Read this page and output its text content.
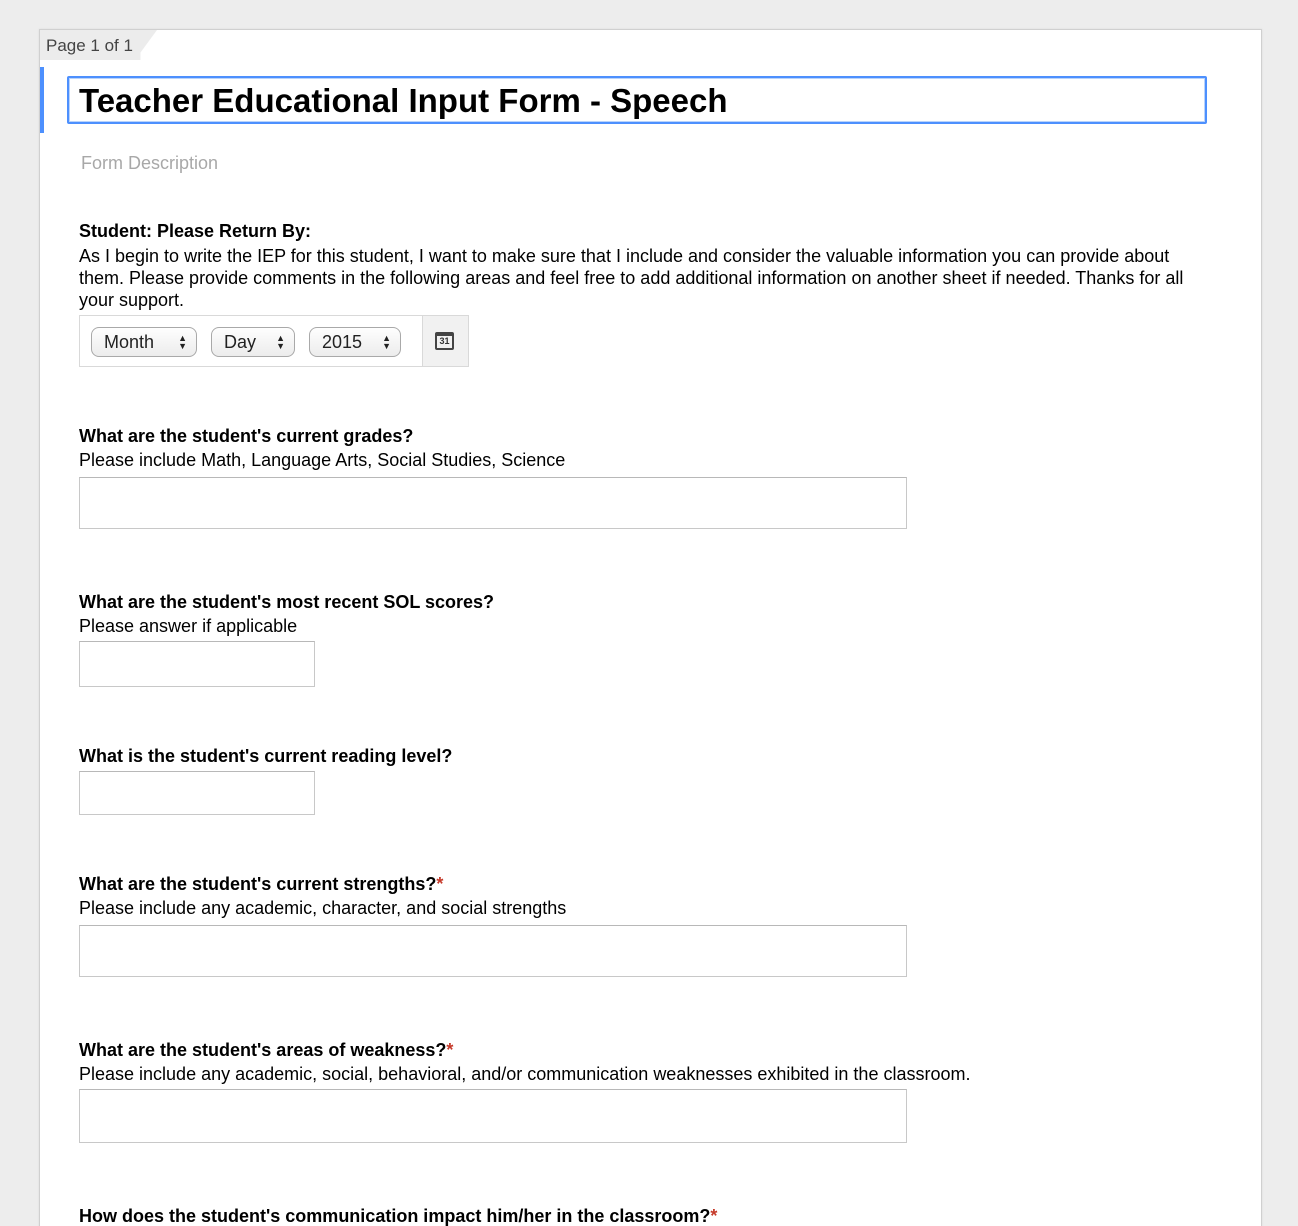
Page 1 of 1
Teacher Educational Input Form - Speech
Form Description
Student: Please Return By:
As I begin to write the IEP for this student, I want to make sure that I include and consider the valuable information you can provide about them. Please provide comments in the following areas and feel free to add additional information on another sheet if needed. Thanks for all your support.
Month	▲
▼	Day ▲
▼	2015 ▲
▼	31
What are the student's current grades?
Please include Math, Language Arts, Social Studies, Science
What are the student's most recent SOL scores?
Please answer if applicable
What is the student's current reading level?
What are the student's current strengths?*
Please include any academic, character, and social strengths
What are the student's areas of weakness?*
Please include any academic, social, behavioral, and/or communication weaknesses exhibited in the classroom.
How does the student's communication impact him/her in the classroom?*
